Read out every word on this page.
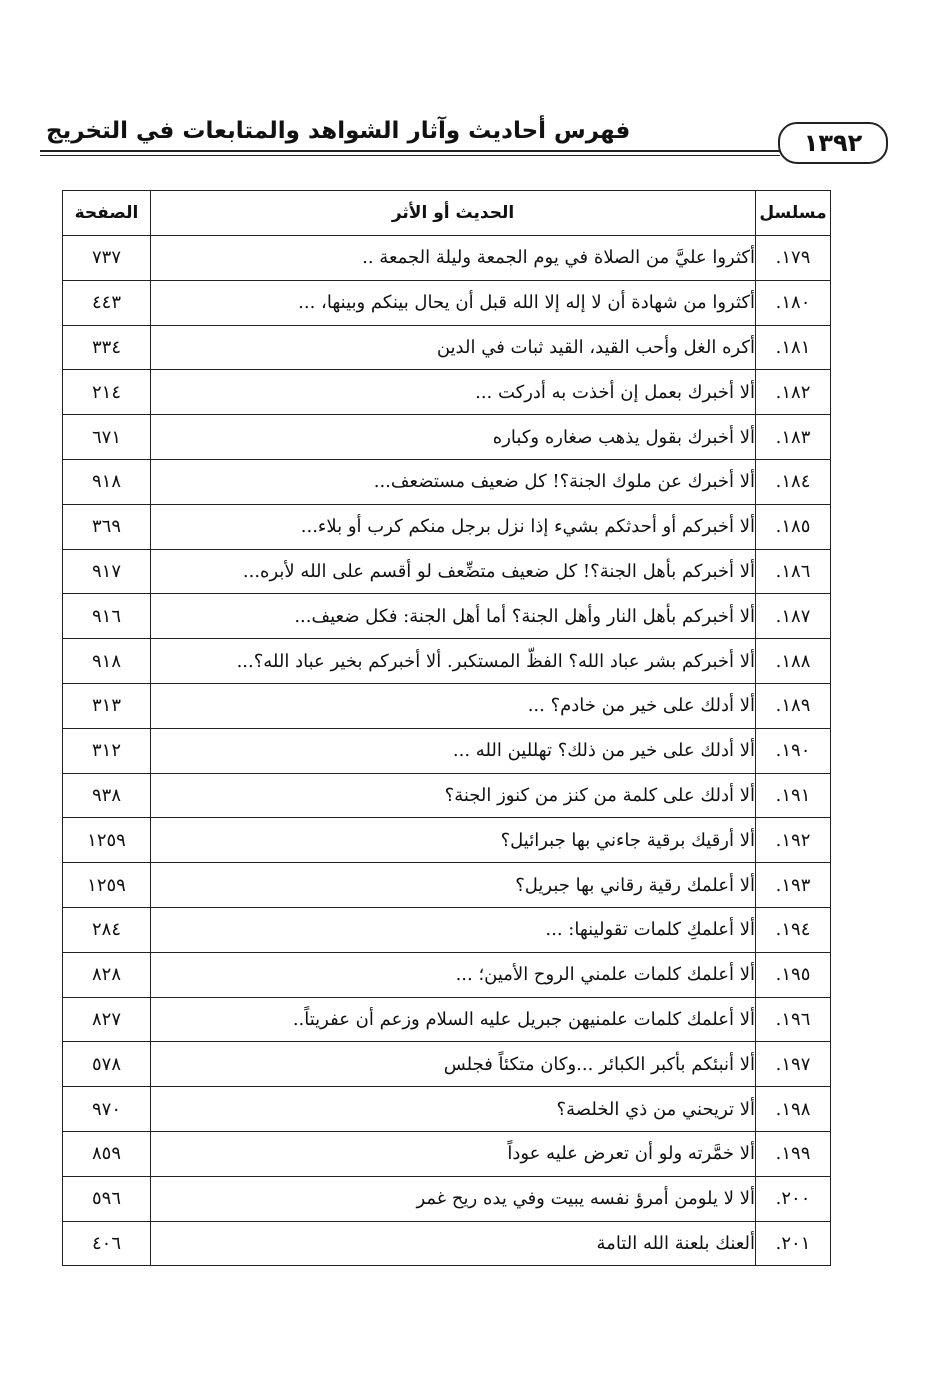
فهرس أحاديث وآثار الشواهد والمتابعات في التخريج	١٣٩٢
مسلسل	الحديث أو الأثر	الصفحة
١٧٩.	أكثروا عليَّ من الصلاة في يوم الجمعة وليلة الجمعة ..	٧٣٧
١٨٠.	أكثروا من شهادة أن لا إله إلا الله قبل أن يحال بينكم وبينها، ...	٤٤٣
١٨١.	أكره الغل وأحب القيد، القيد ثبات في الدين	٣٣٤
١٨٢.	ألا أخبرك بعمل إن أخذت به أدركت ...	٢١٤
١٨٣.	ألا أخبرك بقول يذهب صغاره وكباره	٦٧١
١٨٤.	ألا أخبرك عن ملوك الجنة؟! كل ضعيف مستضعف...	٩١٨
١٨٥.	ألا أخبركم أو أحدثكم بشيء إذا نزل برجل منكم كرب أو بلاء...	٣٦٩
١٨٦.	ألا أخبركم بأهل الجنة؟! كل ضعيف متضِّعف لو أقسم على الله لأبره...	٩١٧
١٨٧.	ألا أخبركم بأهل النار وأهل الجنة؟ أما أهل الجنة: فكل ضعيف...	٩١٦
١٨٨.	ألا أخبركم بشر عباد الله؟ الفظّ المستكبر. ألا أخبركم بخير عباد الله؟...	٩١٨
١٨٩.	ألا أدلك على خير من خادم؟ ...	٣١٣
١٩٠.	ألا أدلك على خير من ذلك؟ تهللين الله ...	٣١٢
١٩١.	ألا أدلك على كلمة من كنز من كنوز الجنة؟	٩٣٨
١٩٢.	ألا أرقيك برقية جاءني بها جبرائيل؟	١٢٥٩
١٩٣.	ألا أعلمك رقية رقاني بها جبريل؟	١٢٥٩
١٩٤.	ألا أعلمكِ كلمات تقولينها: ...	٢٨٤
١٩٥.	ألا أعلمك كلمات علمني الروح الأمين؛ ...	٨٢٨
١٩٦.	ألا أعلمك كلمات علمنيهن جبريل عليه السلام وزعم أن عفريتاً..	٨٢٧
١٩٧.	ألا أنبئكم بأكبر الكبائر ...وكان متكئاً فجلس	٥٧٨
١٩٨.	ألا تريحني من ذي الخلصة؟	٩٧٠
١٩٩.	ألا خمَّرته ولو أن تعرض عليه عوداً	٨٥٩
٢٠٠.	ألا لا يلومن أمرؤ نفسه يبيت وفي يده ريح غمر	٥٩٦
٢٠١.	ألعنك بلعنة الله التامة	٤٠٦
